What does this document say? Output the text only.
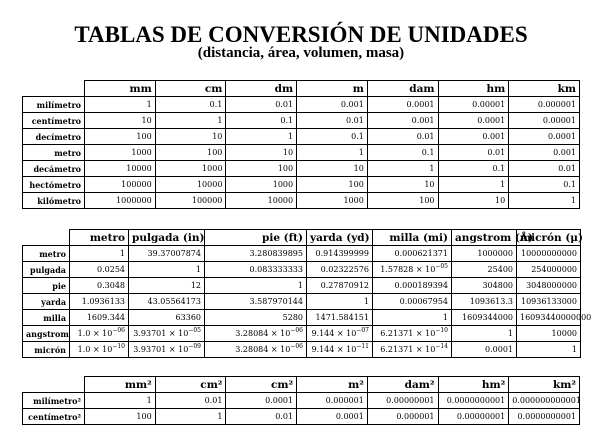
TABLAS DE CONVERSIÓN DE UNIDADES
(distancia, área, volumen, masa)
	mm	cm	dm	m	dam	hm	km
milímetro	1	0.1	0.01	0.001	0.0001	0.00001	0.000001
centímetro	10	1	0.1	0.01	0.001	0.0001	0.00001
decímetro	100	10	1	0.1	0.01	0.001	0.0001
metro	1000	100	10	1	0.1	0.01	0.001
decámetro	10000	1000	100	10	1	0.1	0.01
hectómetro	100000	10000	1000	100	10	1	0.1
kilómetro	1000000	100000	10000	1000	100	10	1
	metro	pulgada (in)	pie (ft)	yarda (yd)	milla (mi)	angstrom (Å)	micrón (μ)
metro	1	39.37007874	3.280839895	0.914399999	0.000621371	1000000	10000000000
pulgada	0.0254	1	0.083333333	0.02322576	$1.57828 \times 10^{-05}$	25400	254000000
pie	0.3048	12	1	0.27870912	0.000189394	304800	3048000000
yarda	1.0936133	43.05564173	3.587970144	1	0.00067954	1093613.3	10936133000
milla	1609.344	63360	5280	1471.584151	1	1609344000	16093440000000
angstrom	$1.0 \times 10^{-06}$	$3.93701 \times 10^{-05}$	$3.28084 \times 10^{-06}$	$9.144 \times 10^{-07}$	$6.21371 \times 10^{-10}$	1	10000
micrón	$1.0 \times 10^{-10}$	$3.93701 \times 10^{-09}$	$3.28084 \times 10^{-06}$	$9.144 \times 10^{-11}$	$6.21371 \times 10^{-14}$	0.0001	1
	mm²	cm²	cm²	m²	dam²	hm²	km²
milímetro²	1	0.01	0.0001	0.000001	0.00000001	0.0000000001	0.000000000001
centímetro²	100	1	0.01	0.0001	0.000001	0.00000001	0.0000000001
